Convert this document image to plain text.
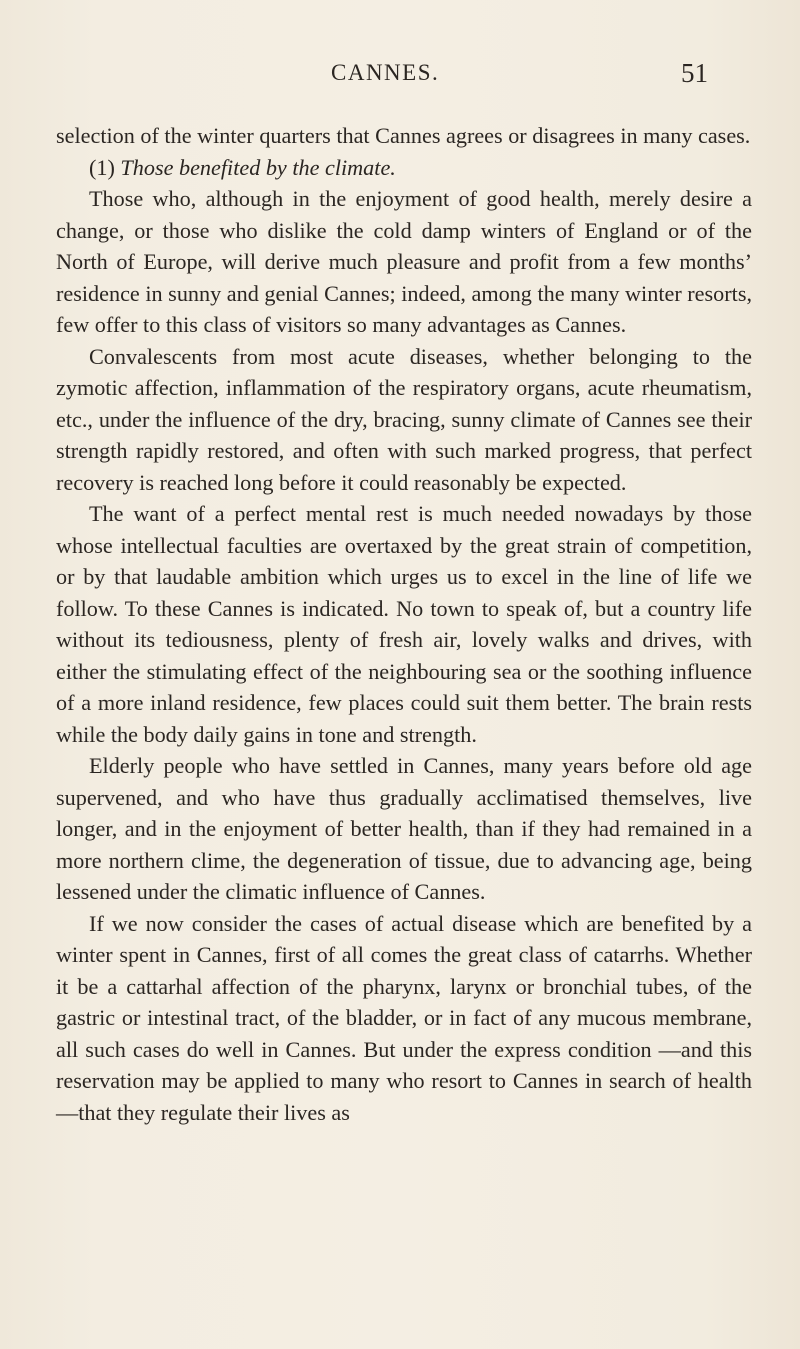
CANNES.	51

selection of the winter quarters that Cannes agrees or disagrees in many cases.

(1) Those benefited by the climate.

Those who, although in the enjoyment of good health, merely desire a change, or those who dislike the cold damp winters of England or of the North of Europe, will derive much pleasure and profit from a few months’ residence in sunny and genial Cannes; indeed, among the many winter resorts, few offer to this class of visitors so many advantages as Cannes.

Convalescents from most acute diseases, whether belonging to the zymotic affection, inflammation of the respiratory organs, acute rheumatism, etc., under the influence of the dry, bracing, sunny climate of Cannes see their strength rapidly restored, and often with such marked progress, that perfect recovery is reached long before it could reasonably be expected.

The want of a perfect mental rest is much needed nowadays by those whose intellectual faculties are overtaxed by the great strain of competition, or by that laudable ambition which urges us to excel in the line of life we follow. To these Cannes is indicated. No town to speak of, but a country life without its tediousness, plenty of fresh air, lovely walks and drives, with either the stimulating effect of the neighbouring sea or the soothing influence of a more inland residence, few places could suit them better. The brain rests while the body daily gains in tone and strength.

Elderly people who have settled in Cannes, many years before old age supervened, and who have thus gradually acclimatised themselves, live longer, and in the enjoyment of better health, than if they had remained in a more northern clime, the degeneration of tissue, due to advancing age, being lessened under the climatic influence of Cannes.

If we now consider the cases of actual disease which are benefited by a winter spent in Cannes, first of all comes the great class of catarrhs. Whether it be a cattarhal affection of the pharynx, larynx or bronchial tubes, of the gastric or intestinal tract, of the bladder, or in fact of any mucous membrane, all such cases do well in Cannes. But under the express condition —and this reservation may be applied to many who resort to Cannes in search of health—that they regulate their lives as
